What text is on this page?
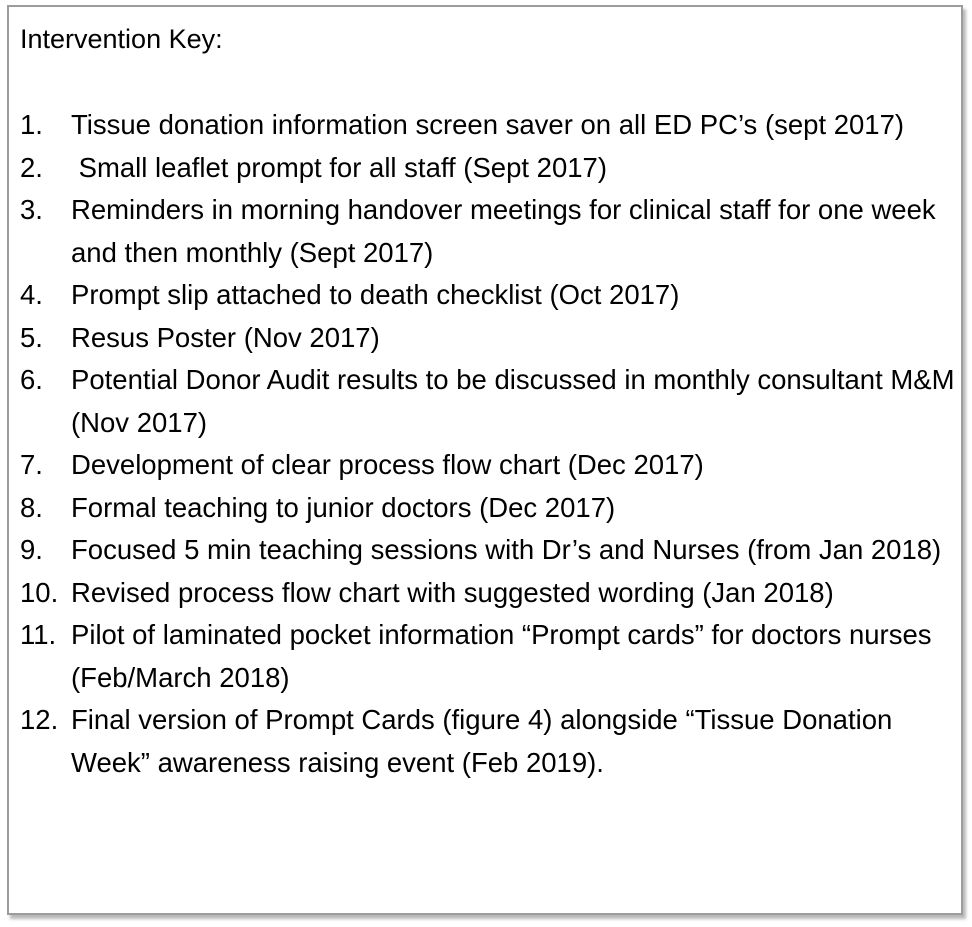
Intervention Key:
1. Tissue donation information screen saver on all ED PC’s (sept 2017)
2. Small leaflet prompt for all staff (Sept 2017)
3. Reminders in morning handover meetings for clinical staff for one week and then monthly (Sept 2017)
4. Prompt slip attached to death checklist (Oct 2017)
5. Resus Poster (Nov 2017)
6. Potential Donor Audit results to be discussed in monthly consultant M&M (Nov 2017)
7. Development of clear process flow chart (Dec 2017)
8. Formal teaching to junior doctors (Dec 2017)
9. Focused 5 min teaching sessions with Dr’s and Nurses (from Jan 2018)
10. Revised process flow chart with suggested wording (Jan 2018)
11. Pilot of laminated pocket information “Prompt cards” for doctors nurses (Feb/March 2018)
12. Final version of Prompt Cards (figure 4) alongside “Tissue Donation Week” awareness raising event (Feb 2019).
